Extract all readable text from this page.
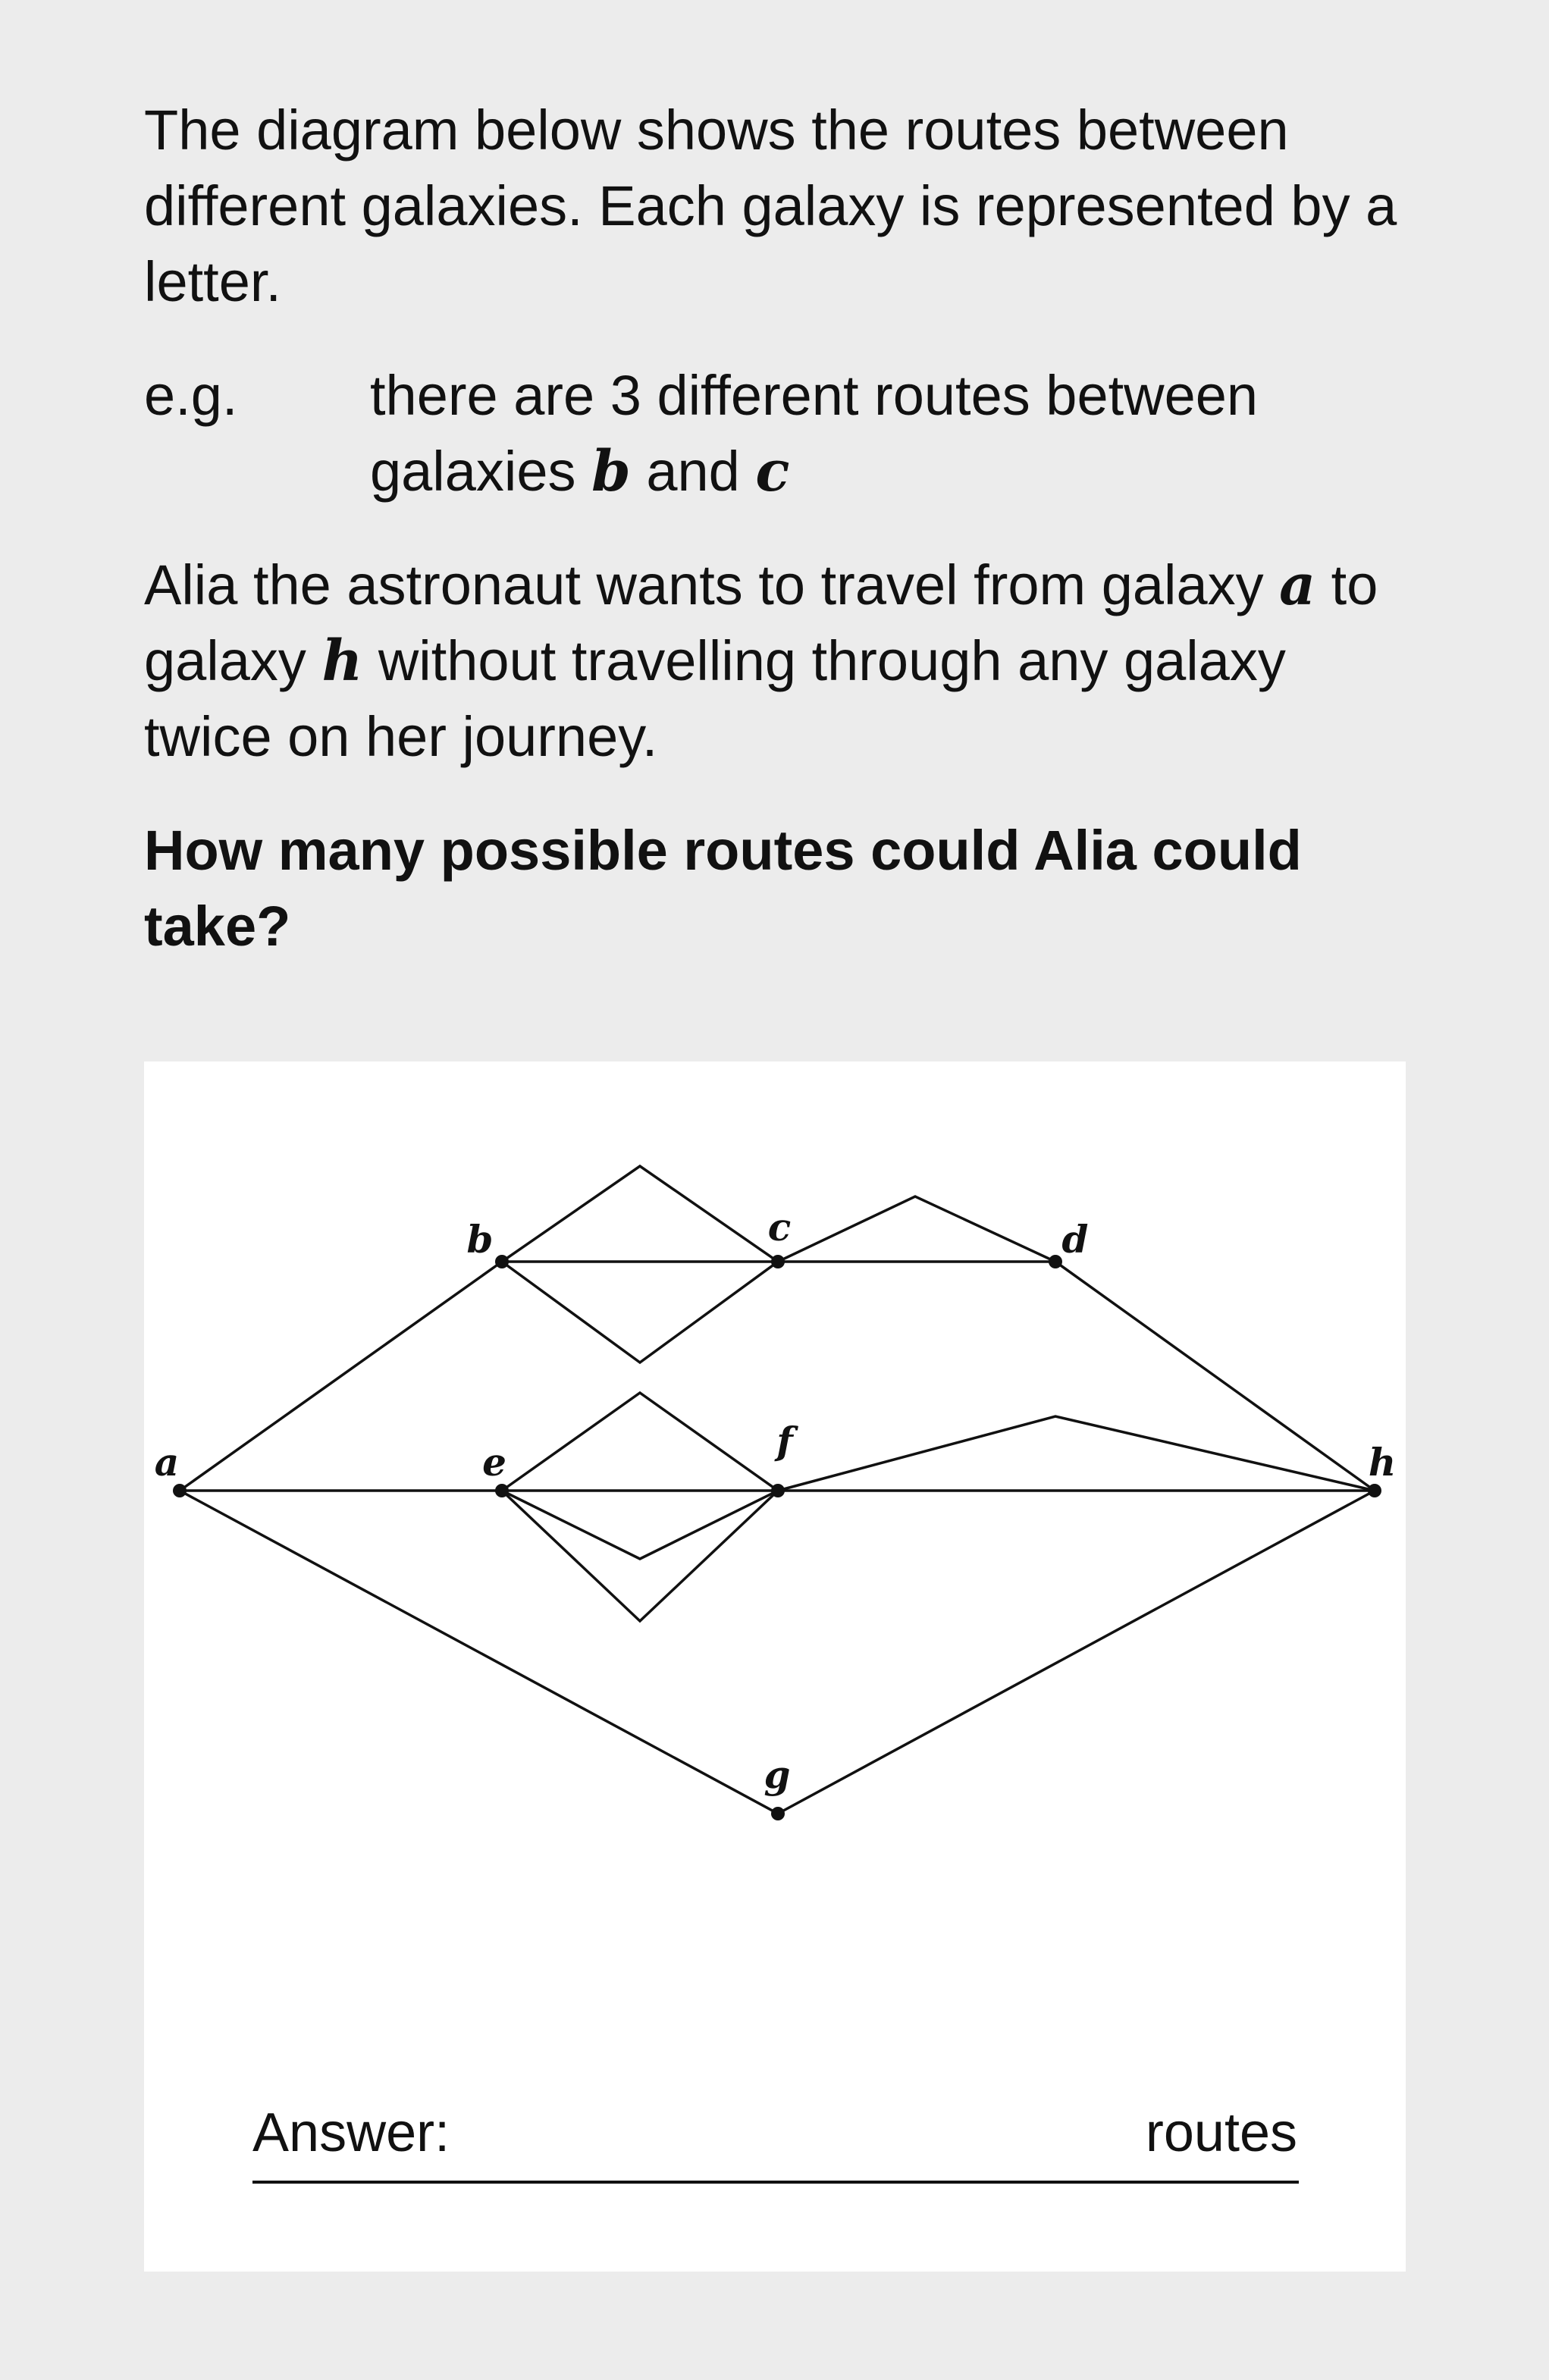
The diagram below shows the routes between different galaxies. Each galaxy is represented by a letter.

e.g. there are 3 different routes between galaxies b and c

Alia the astronaut wants to travel from galaxy a to galaxy h without travelling through any galaxy twice on her journey.

How many possible routes could Alia could take?

a
b	c	d
e	f
g
h
Answer:	routes
